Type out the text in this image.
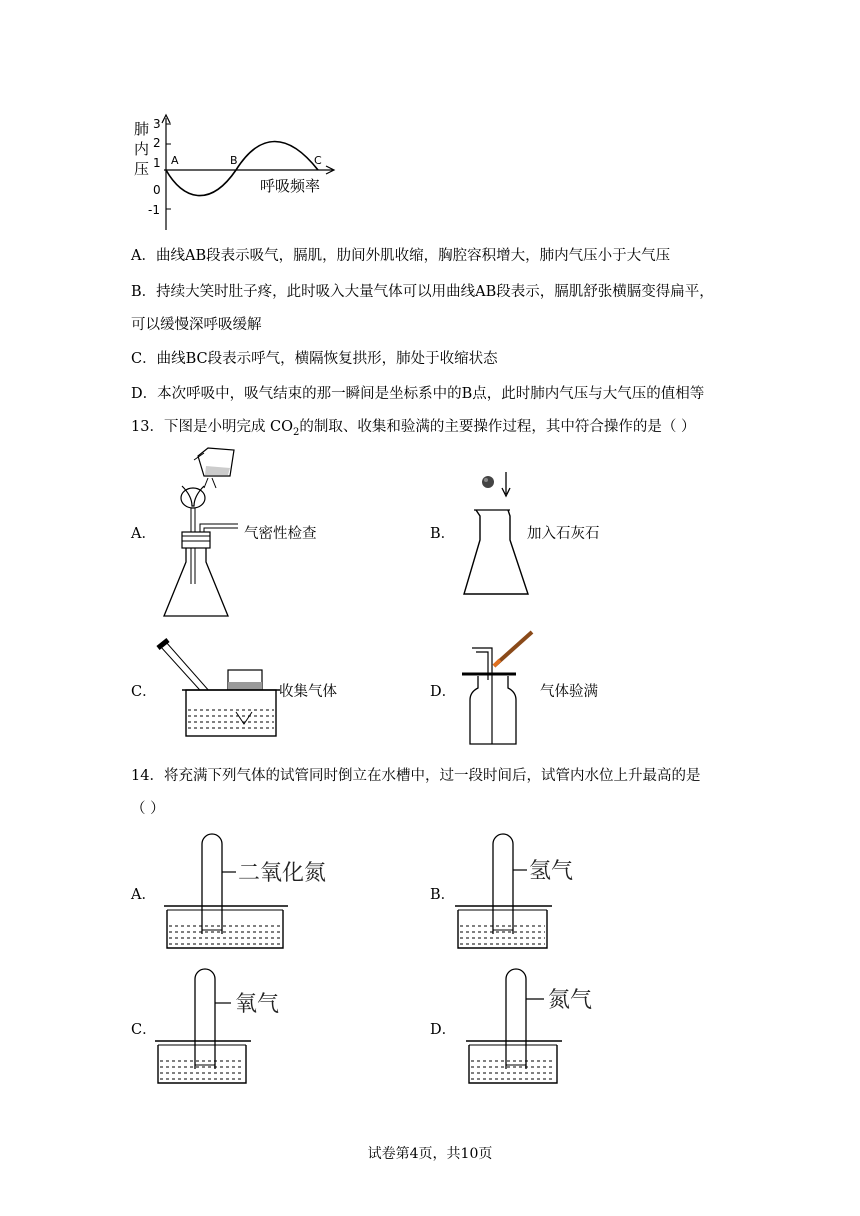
肺
内
压
3
2
1
0
-1
A	B	C
呼吸频率
A．曲线AB段表示吸气，膈肌，肋间外肌收缩，胸腔容积增大，肺内气压小于大气压
B．持续大笑时肚子疼，此时吸入大量气体可以用曲线AB段表示，膈肌舒张横膈变得扁平，
可以缓慢深呼吸缓解
C．曲线BC段表示呼气，横隔恢复拱形，肺处于收缩状态
D．本次呼吸中，吸气结束的那一瞬间是坐标系中的B点，此时肺内气压与大气压的值相等
13．下图是小明完成 $CO_2$的制取、收集和验满的主要操作过程，其中符合操作的是（ ）
A．	气密性检查	B．	加入石灰石
C．	收集气体	D．	气体验满
14．将充满下列气体的试管同时倒立在水槽中，过一段时间后，试管内水位上升最高的是
（ ）
A．	B．
C．	D．
二氧化氮	氢气
氧气	氮气
试卷第4页，共10页
